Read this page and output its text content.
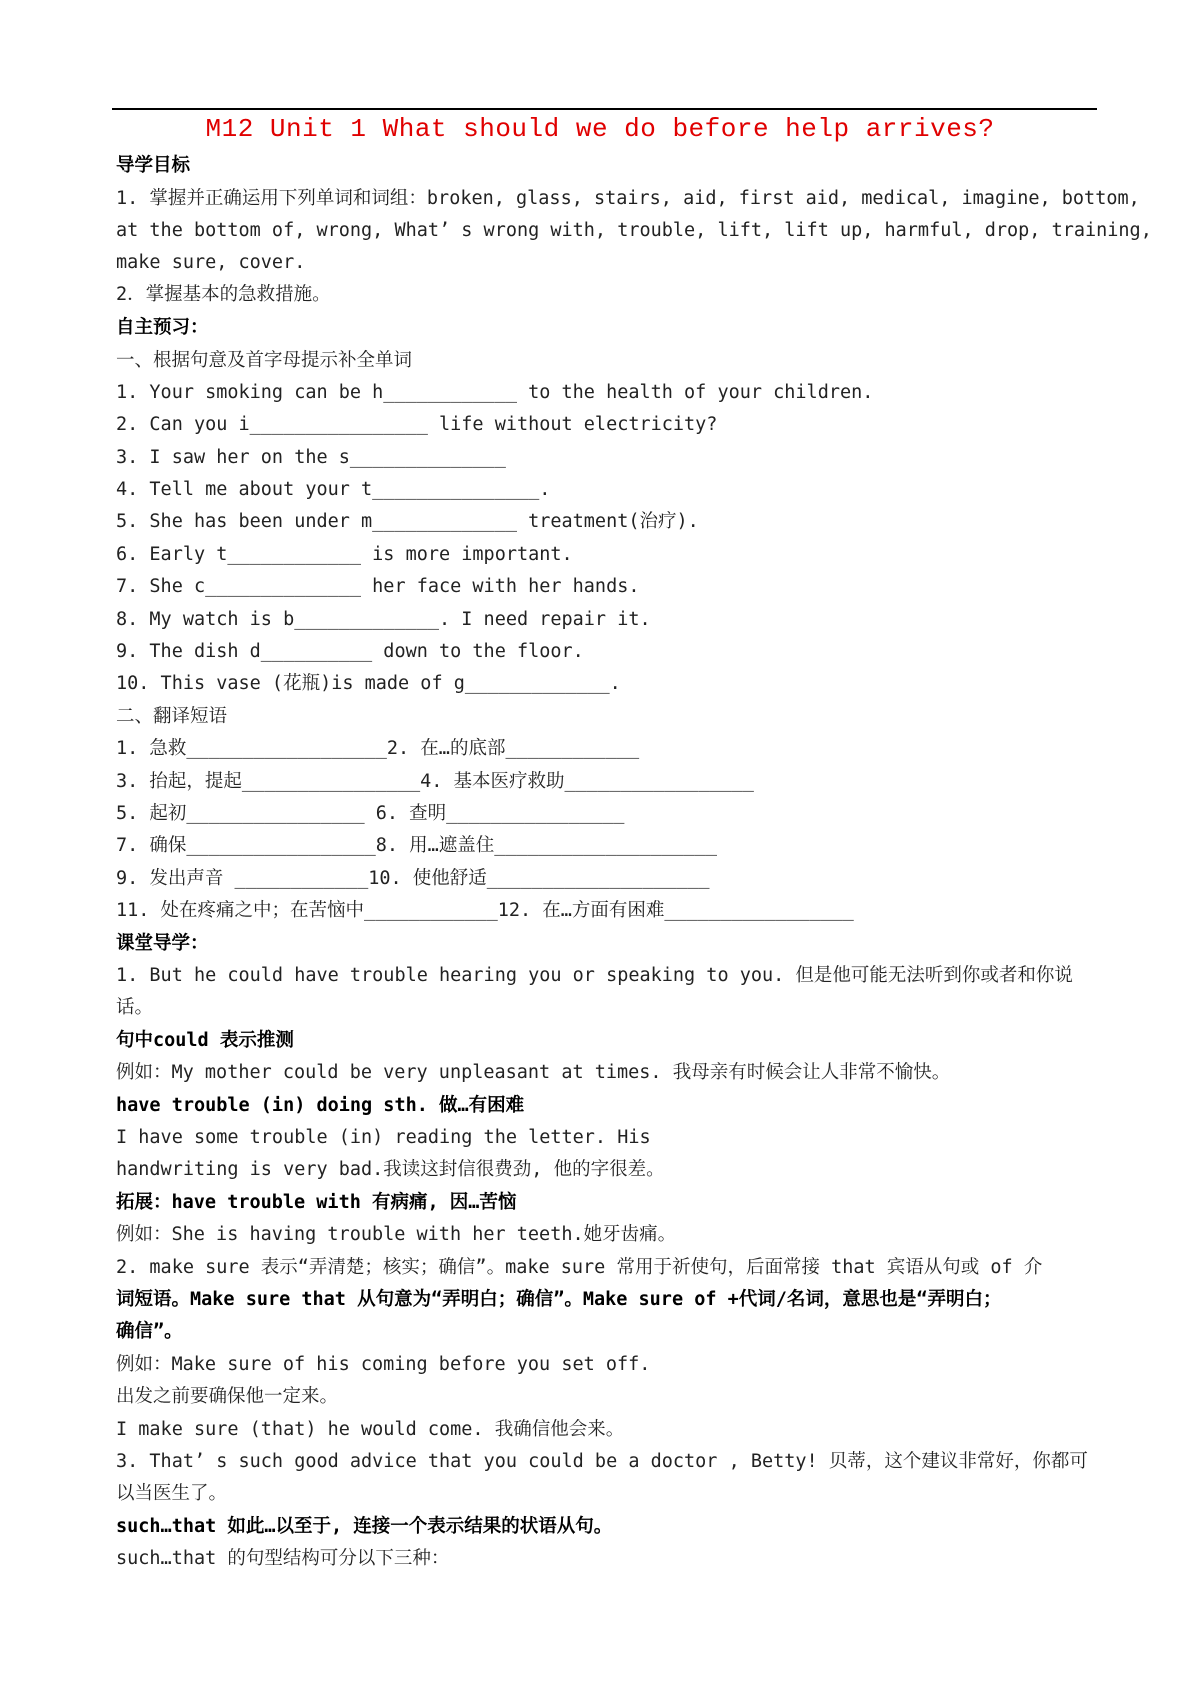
M12 Unit 1 What should we do before help arrives?
导学目标
1. 掌握并正确运用下列单词和词组：broken, glass, stairs, aid, first aid, medical, imagine, bottom,
at the bottom of, wrong, What’ s wrong with, trouble, lift, lift up, harmful, drop, training,
make sure, cover.
2．掌握基本的急救措施。
自主预习：
一、根据句意及首字母提示补全单词
1. Your smoking can be h____________ to the health of your children.
2. Can you i________________ life without electricity?
3. I saw her on the s______________
4. Tell me about your t_______________.
5. She has been under m_____________ treatment(治疗).
6. Early t____________ is more important.
7. She c______________ her face with her hands.
8. My watch is b_____________. I need repair it.
9. The dish d__________ down to the floor.
10. This vase (花瓶)is made of g_____________.
二、翻译短语
1. 急救__________________2. 在…的底部____________
3. 抬起，提起________________4. 基本医疗救助_________________
5. 起初________________ 6. 查明________________
7. 确保_________________8. 用…遮盖住____________________
9. 发出声音 ____________10. 使他舒适____________________
11. 处在疼痛之中；在苦恼中____________12. 在…方面有困难_________________
课堂导学：
1. But he could have trouble hearing you or speaking to you. 但是他可能无法听到你或者和你说
话。
句中could 表示推测
例如：My mother could be very unpleasant at times. 我母亲有时候会让人非常不愉快。
have trouble (in) doing sth. 做…有困难
I have some trouble (in) reading the letter. His
handwriting is very bad.我读这封信很费劲, 他的字很差。
拓展：have trouble with 有病痛, 因…苦恼
例如：She is having trouble with her teeth.她牙齿痛。
2. make sure 表示“弄清楚；核实；确信”。make sure 常用于祈使句，后面常接 that 宾语从句或 of 介
词短语。Make sure that 从句意为“弄明白；确信”。Make sure of +代词/名词，意思也是“弄明白；
确信”。
例如：Make sure of his coming before you set off.
出发之前要确保他一定来。
I make sure (that) he would come. 我确信他会来。
3. That’ s such good advice that you could be a doctor , Betty! 贝蒂，这个建议非常好，你都可
以当医生了。
such…that 如此…以至于, 连接一个表示结果的状语从句。
such…that 的句型结构可分以下三种：
